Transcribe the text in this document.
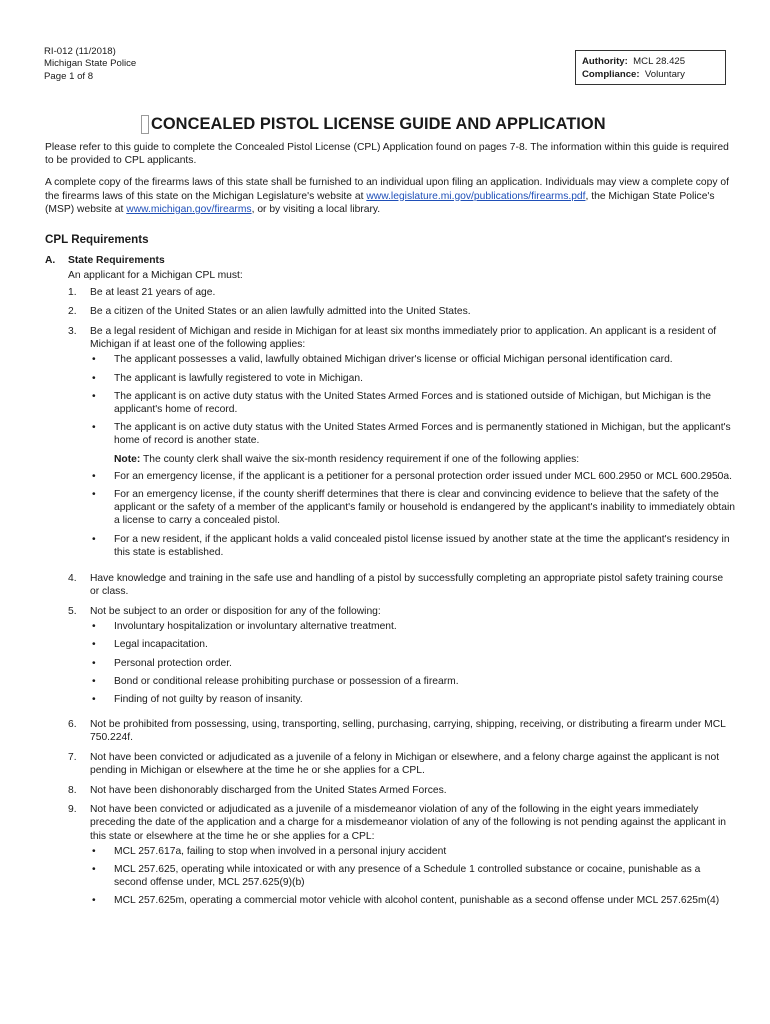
RI-012 (11/2018)
Michigan State Police
Page 1 of 8
Authority: MCL 28.425
Compliance: Voluntary
CONCEALED PISTOL LICENSE GUIDE AND APPLICATION

Please refer to this guide to complete the Concealed Pistol License (CPL) Application found on pages 7-8. The information within this guide is required to be provided to CPL applicants.

A complete copy of the firearms laws of this state shall be furnished to an individual upon filing an application. Individuals may view a complete copy of the firearms laws of this state on the Michigan Legislature's website at www.legislature.mi.gov/publications/firearms.pdf, the Michigan State Police's (MSP) website at www.michigan.gov/firearms, or by visiting a local library.

CPL Requirements
A.	State Requirements
An applicant for a Michigan CPL must:
1.	Be at least 21 years of age.
2.	Be a citizen of the United States or an alien lawfully admitted into the United States.
3.	Be a legal resident of Michigan and reside in Michigan for at least six months immediately prior to application. An applicant is a resident of Michigan if at least one of the following applies:
•	The applicant possesses a valid, lawfully obtained Michigan driver's license or official Michigan personal identification card.
•	The applicant is lawfully registered to vote in Michigan.
•	The applicant is on active duty status with the United States Armed Forces and is stationed outside of Michigan, but Michigan is the applicant's home of record.
•	The applicant is on active duty status with the United States Armed Forces and is permanently stationed in Michigan, but the applicant's home of record is another state.
Note: The county clerk shall waive the six-month residency requirement if one of the following applies:
•	For an emergency license, if the applicant is a petitioner for a personal protection order issued under MCL 600.2950 or MCL 600.2950a.
•	For an emergency license, if the county sheriff determines that there is clear and convincing evidence to believe that the safety of the applicant or the safety of a member of the applicant's family or household is endangered by the applicant's inability to immediately obtain a license to carry a concealed pistol.
•	For a new resident, if the applicant holds a valid concealed pistol license issued by another state at the time the applicant's residency in this state is established.
4.	Have knowledge and training in the safe use and handling of a pistol by successfully completing an appropriate pistol safety training course or class.
5.	Not be subject to an order or disposition for any of the following:
•	Involuntary hospitalization or involuntary alternative treatment.
•	Legal incapacitation.
•	Personal protection order.
•	Bond or conditional release prohibiting purchase or possession of a firearm.
•	Finding of not guilty by reason of insanity.
6.	Not be prohibited from possessing, using, transporting, selling, purchasing, carrying, shipping, receiving, or distributing a firearm under MCL 750.224f.
7.	Not have been convicted or adjudicated as a juvenile of a felony in Michigan or elsewhere, and a felony charge against the applicant is not pending in Michigan or elsewhere at the time he or she applies for a CPL.
8.	Not have been dishonorably discharged from the United States Armed Forces.
9.	Not have been convicted or adjudicated as a juvenile of a misdemeanor violation of any of the following in the eight years immediately preceding the date of the application and a charge for a misdemeanor violation of any of the following is not pending against the applicant in this state or elsewhere at the time he or she applies for a CPL:
•	MCL 257.617a, failing to stop when involved in a personal injury accident
•	MCL 257.625, operating while intoxicated or with any presence of a Schedule 1 controlled substance or cocaine, punishable as a second offense under, MCL 257.625(9)(b)
•	MCL 257.625m, operating a commercial motor vehicle with alcohol content, punishable as a second offense under MCL 257.625m(4)
